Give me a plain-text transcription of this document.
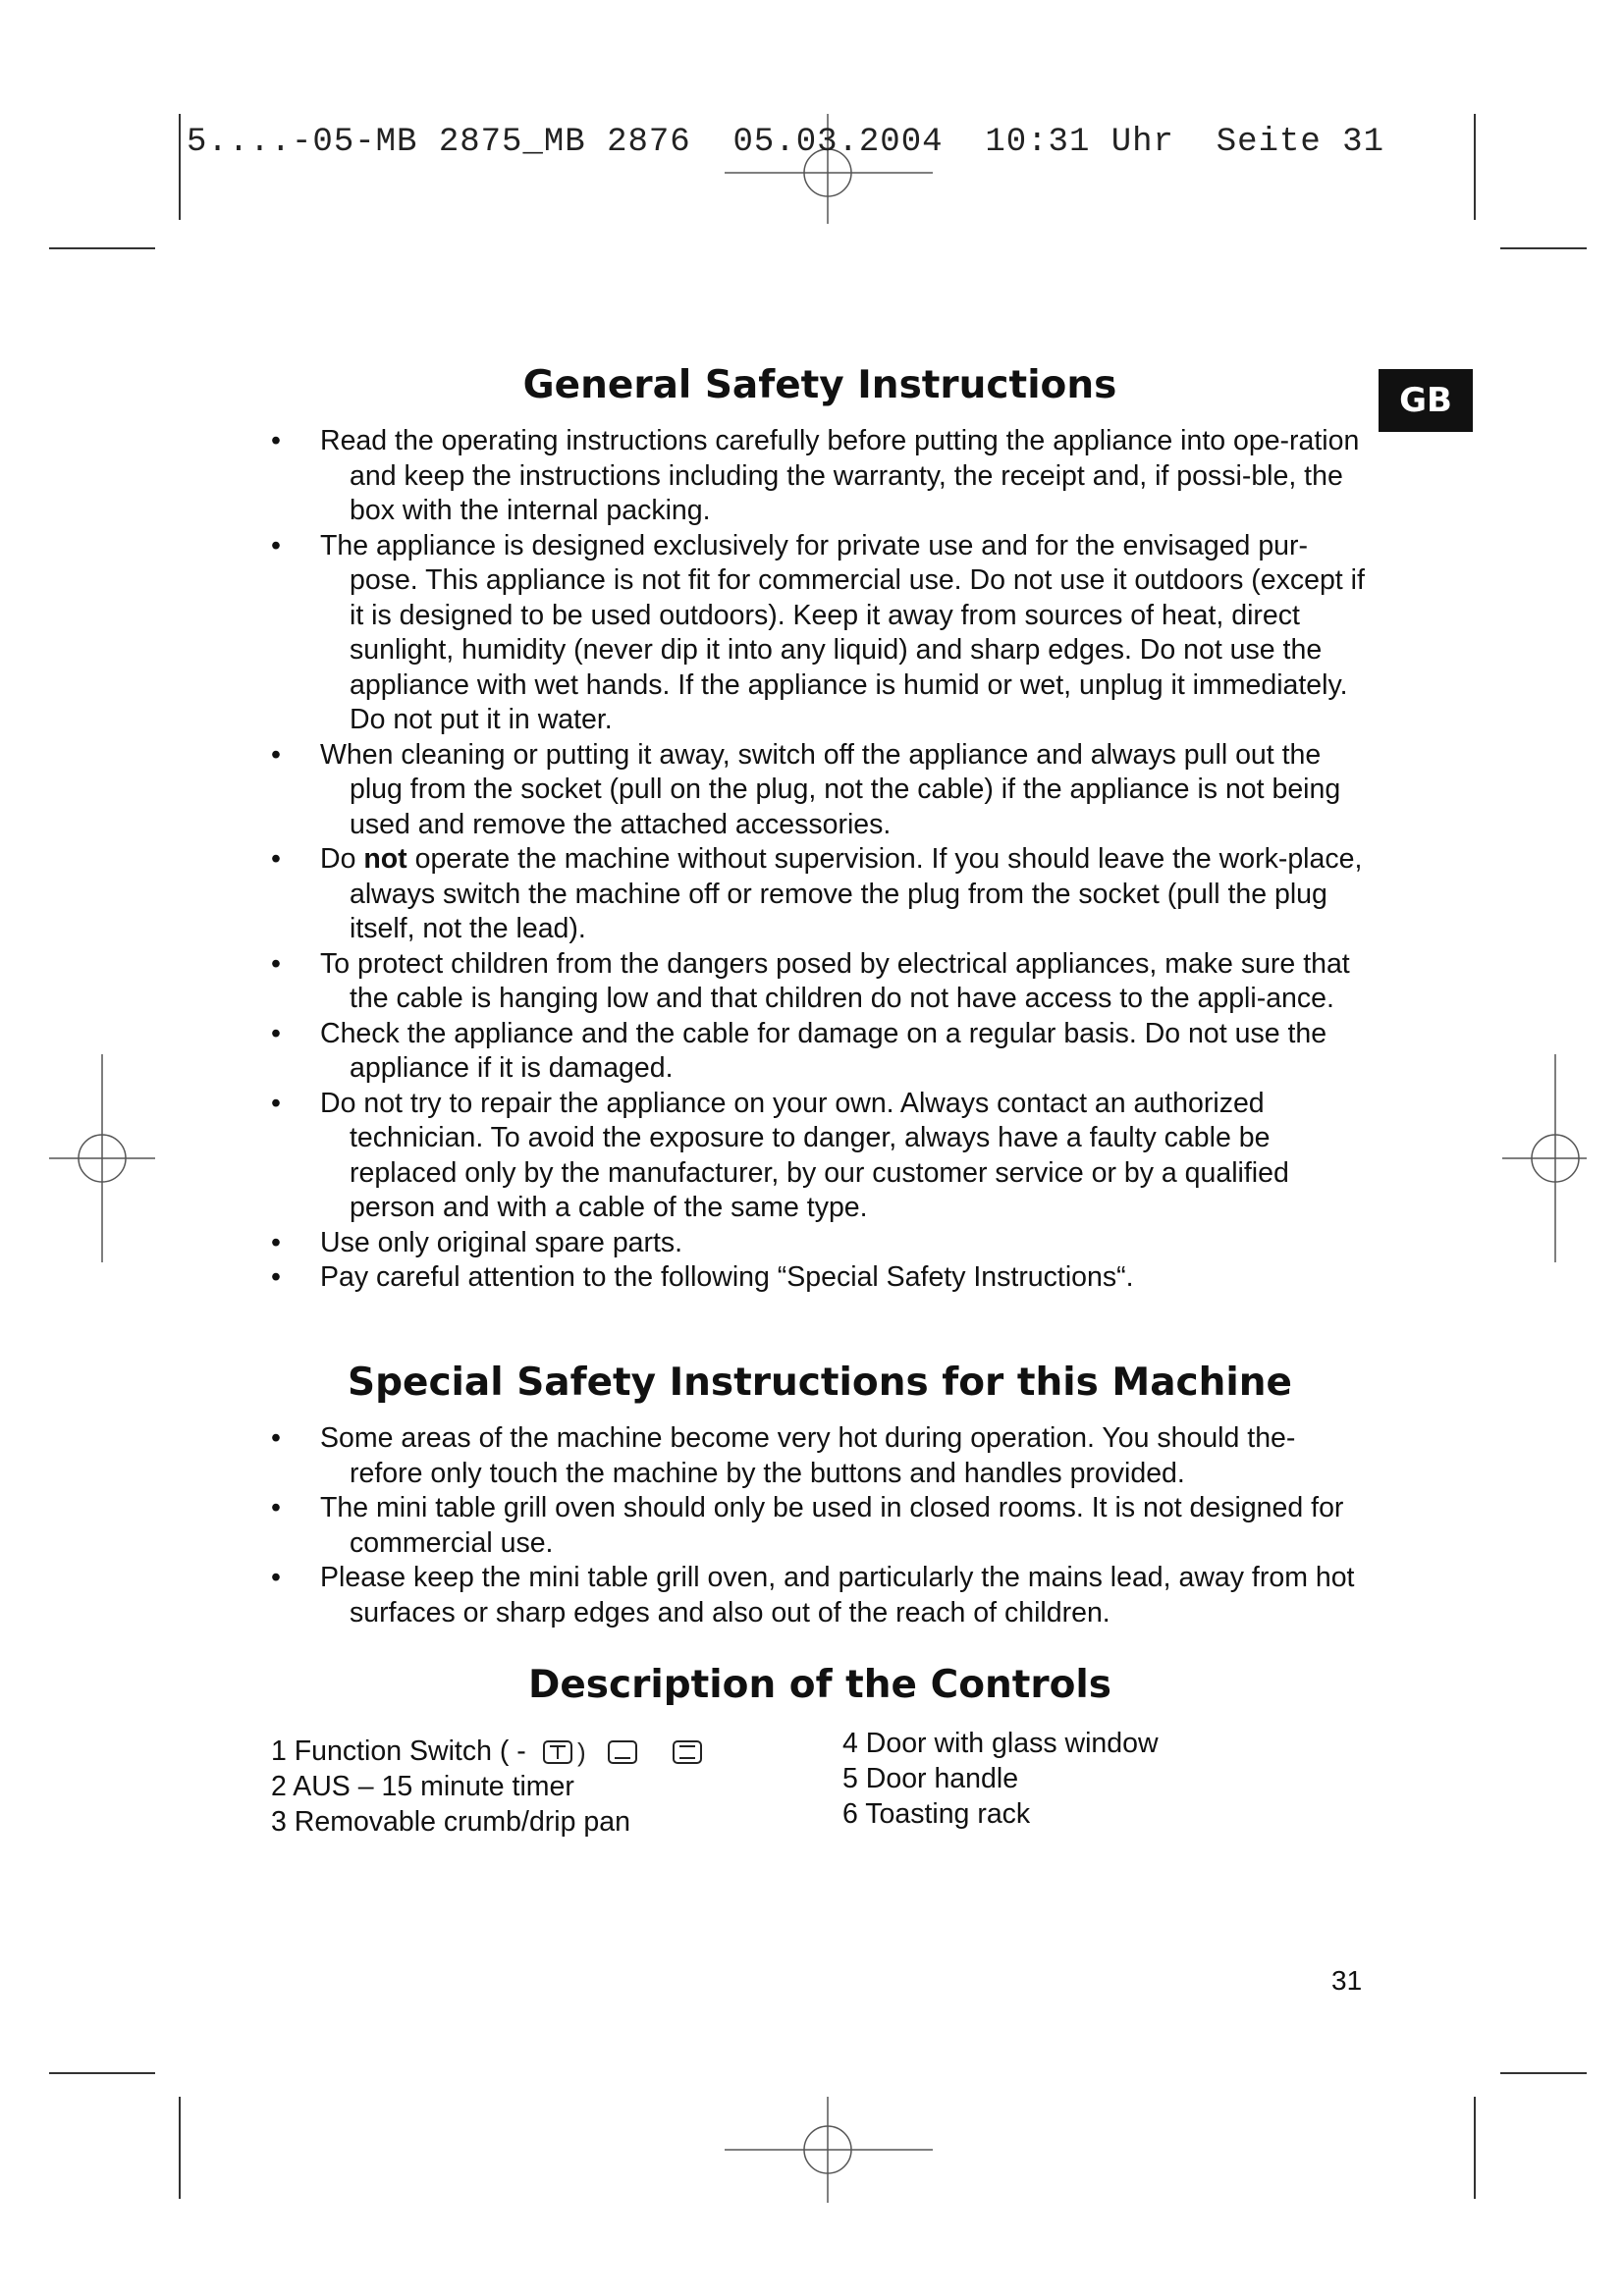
5....-05-MB 2875_MB 2876  05.03.2004  10:31 Uhr  Seite 31
GB
General Safety Instructions
• Read the operating instructions carefully before putting the appliance into ope-ration and keep the instructions including the warranty, the receipt and, if possi-ble, the box with the internal packing.
• The appliance is designed exclusively for private use and for the envisaged pur-pose. This appliance is not fit for commercial use. Do not use it outdoors (except if it is designed to be used outdoors). Keep it away from sources of heat, direct sunlight, humidity (never dip it into any liquid) and sharp edges. Do not use the appliance with wet hands. If the appliance is humid or wet, unplug it immediately. Do not put it in water.
• When cleaning or putting it away, switch off the appliance and always pull out the plug from the socket (pull on the plug, not the cable) if the appliance is not being used and remove the attached accessories.
• Do not operate the machine without supervision. If you should leave the work-place, always switch the machine off or remove the plug from the socket (pull the plug itself, not the lead).
• To protect children from the dangers posed by electrical appliances, make sure that the cable is hanging low and that children do not have access to the appli-ance.
• Check the appliance and the cable for damage on a regular basis. Do not use the appliance if it is damaged.
• Do not try to repair the appliance on your own. Always contact an authorized technician. To avoid the exposure to danger, always have a faulty cable be replaced only by the manufacturer, by our customer service or by a qualified person and with a cable of the same type.
• Use only original spare parts.
• Pay careful attention to the following “Special Safety Instructions“.
Special Safety Instructions for this Machine
• Some areas of the machine become very hot during operation. You should the-refore only touch the machine by the buttons and handles provided.
• The mini table grill oven should only be used in closed rooms. It is not designed for commercial use.
• Please keep the mini table grill oven, and particularly the mains lead, away from hot surfaces or sharp edges and also out of the reach of children.
Description of the Controls
1 Function Switch ( - )
2 AUS – 15 minute timer
3 Removable crumb/drip pan
4 Door with glass window
5 Door handle
6 Toasting rack
31
